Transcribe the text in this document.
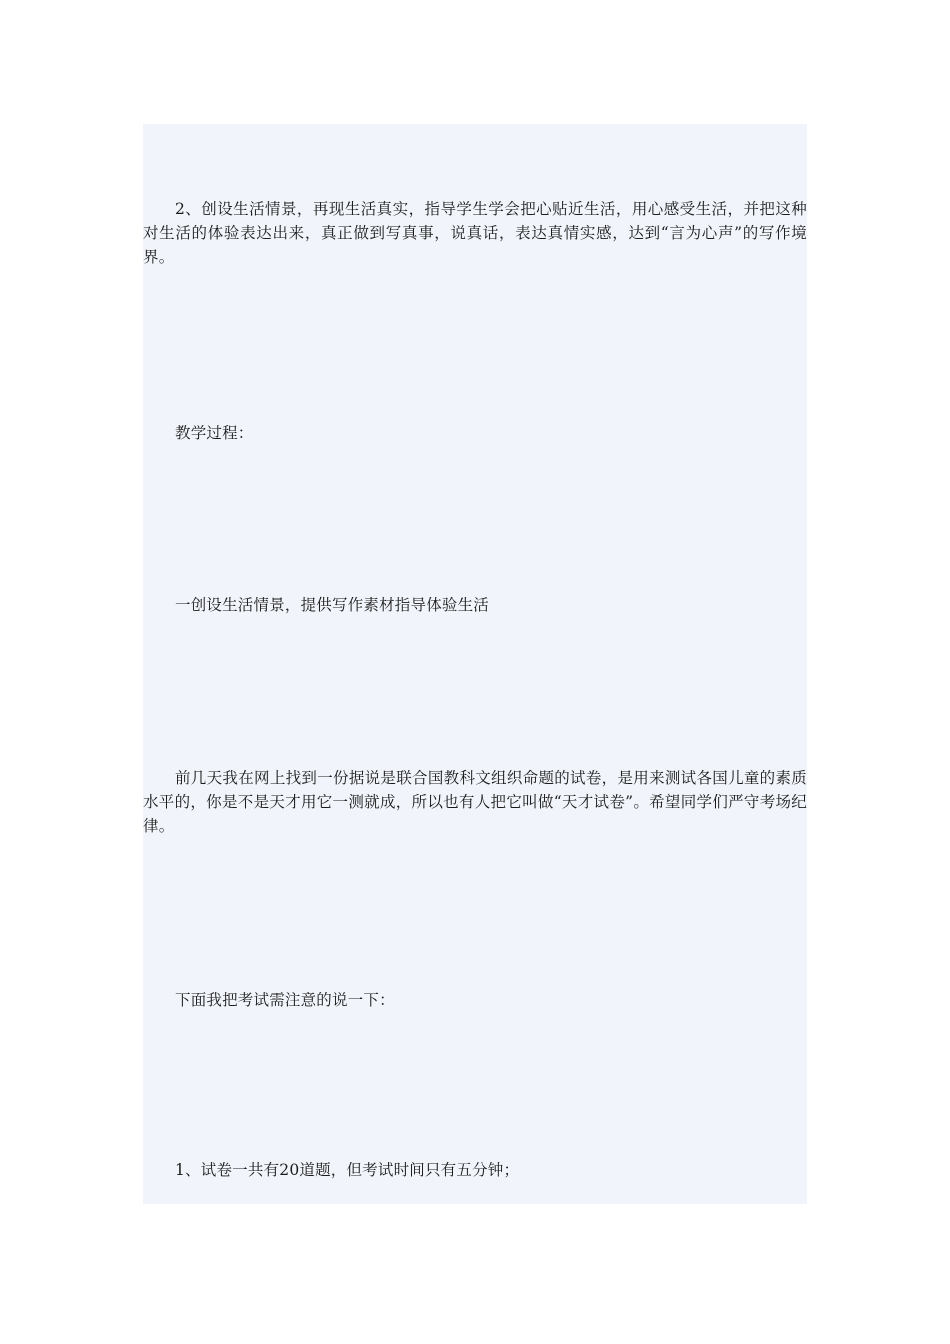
2、创设生活情景，再现生活真实，指导学生学会把心贴近生活，用心感受生活，并把这种对生活的体验表达出来，真正做到写真事，说真话，表达真情实感，达到“言为心声”的写作境界。

教学过程：

一创设生活情景，提供写作素材指导体验生活

前几天我在网上找到一份据说是联合国教科文组织命题的试卷，是用来测试各国儿童的素质水平的，你是不是天才用它一测就成，所以也有人把它叫做“天才试卷”。希望同学们严守考场纪律。

下面我把考试需注意的说一下：

1、试卷一共有20道题，但考试时间只有五分钟；
